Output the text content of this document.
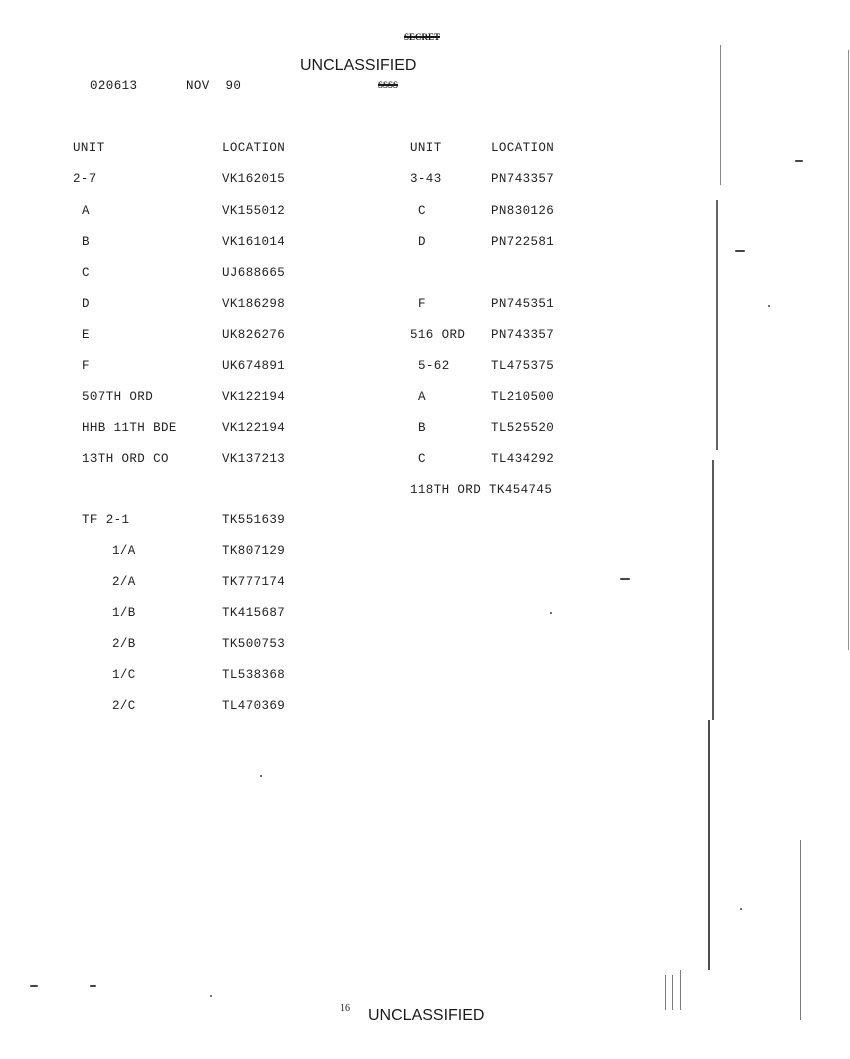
SECRET
UNCLASSIFIED
SSSS
020613	NOV  90
UNIT	LOCATION
2-7	VK162015
A	VK155012
B	VK161014
C	UJ688665
D	VK186298
E	UK826276
F	UK674891
507TH ORD	VK122194
HHB 11TH BDE	VK122194
13TH ORD CO	VK137213
TF 2-1	TK551639
1/A	TK807129
2/A	TK777174
1/B	TK415687
2/B	TK500753
1/C	TL538368
2/C	TL470369
UNIT	LOCATION
3-43	PN743357
C	PN830126
D	PN722581
F	PN745351
516 ORD PN743357
5-62	TL475375
A	TL210500
B	TL525520
C	TL434292
118TH ORD TK454745
16 UNCLASSIFIED
